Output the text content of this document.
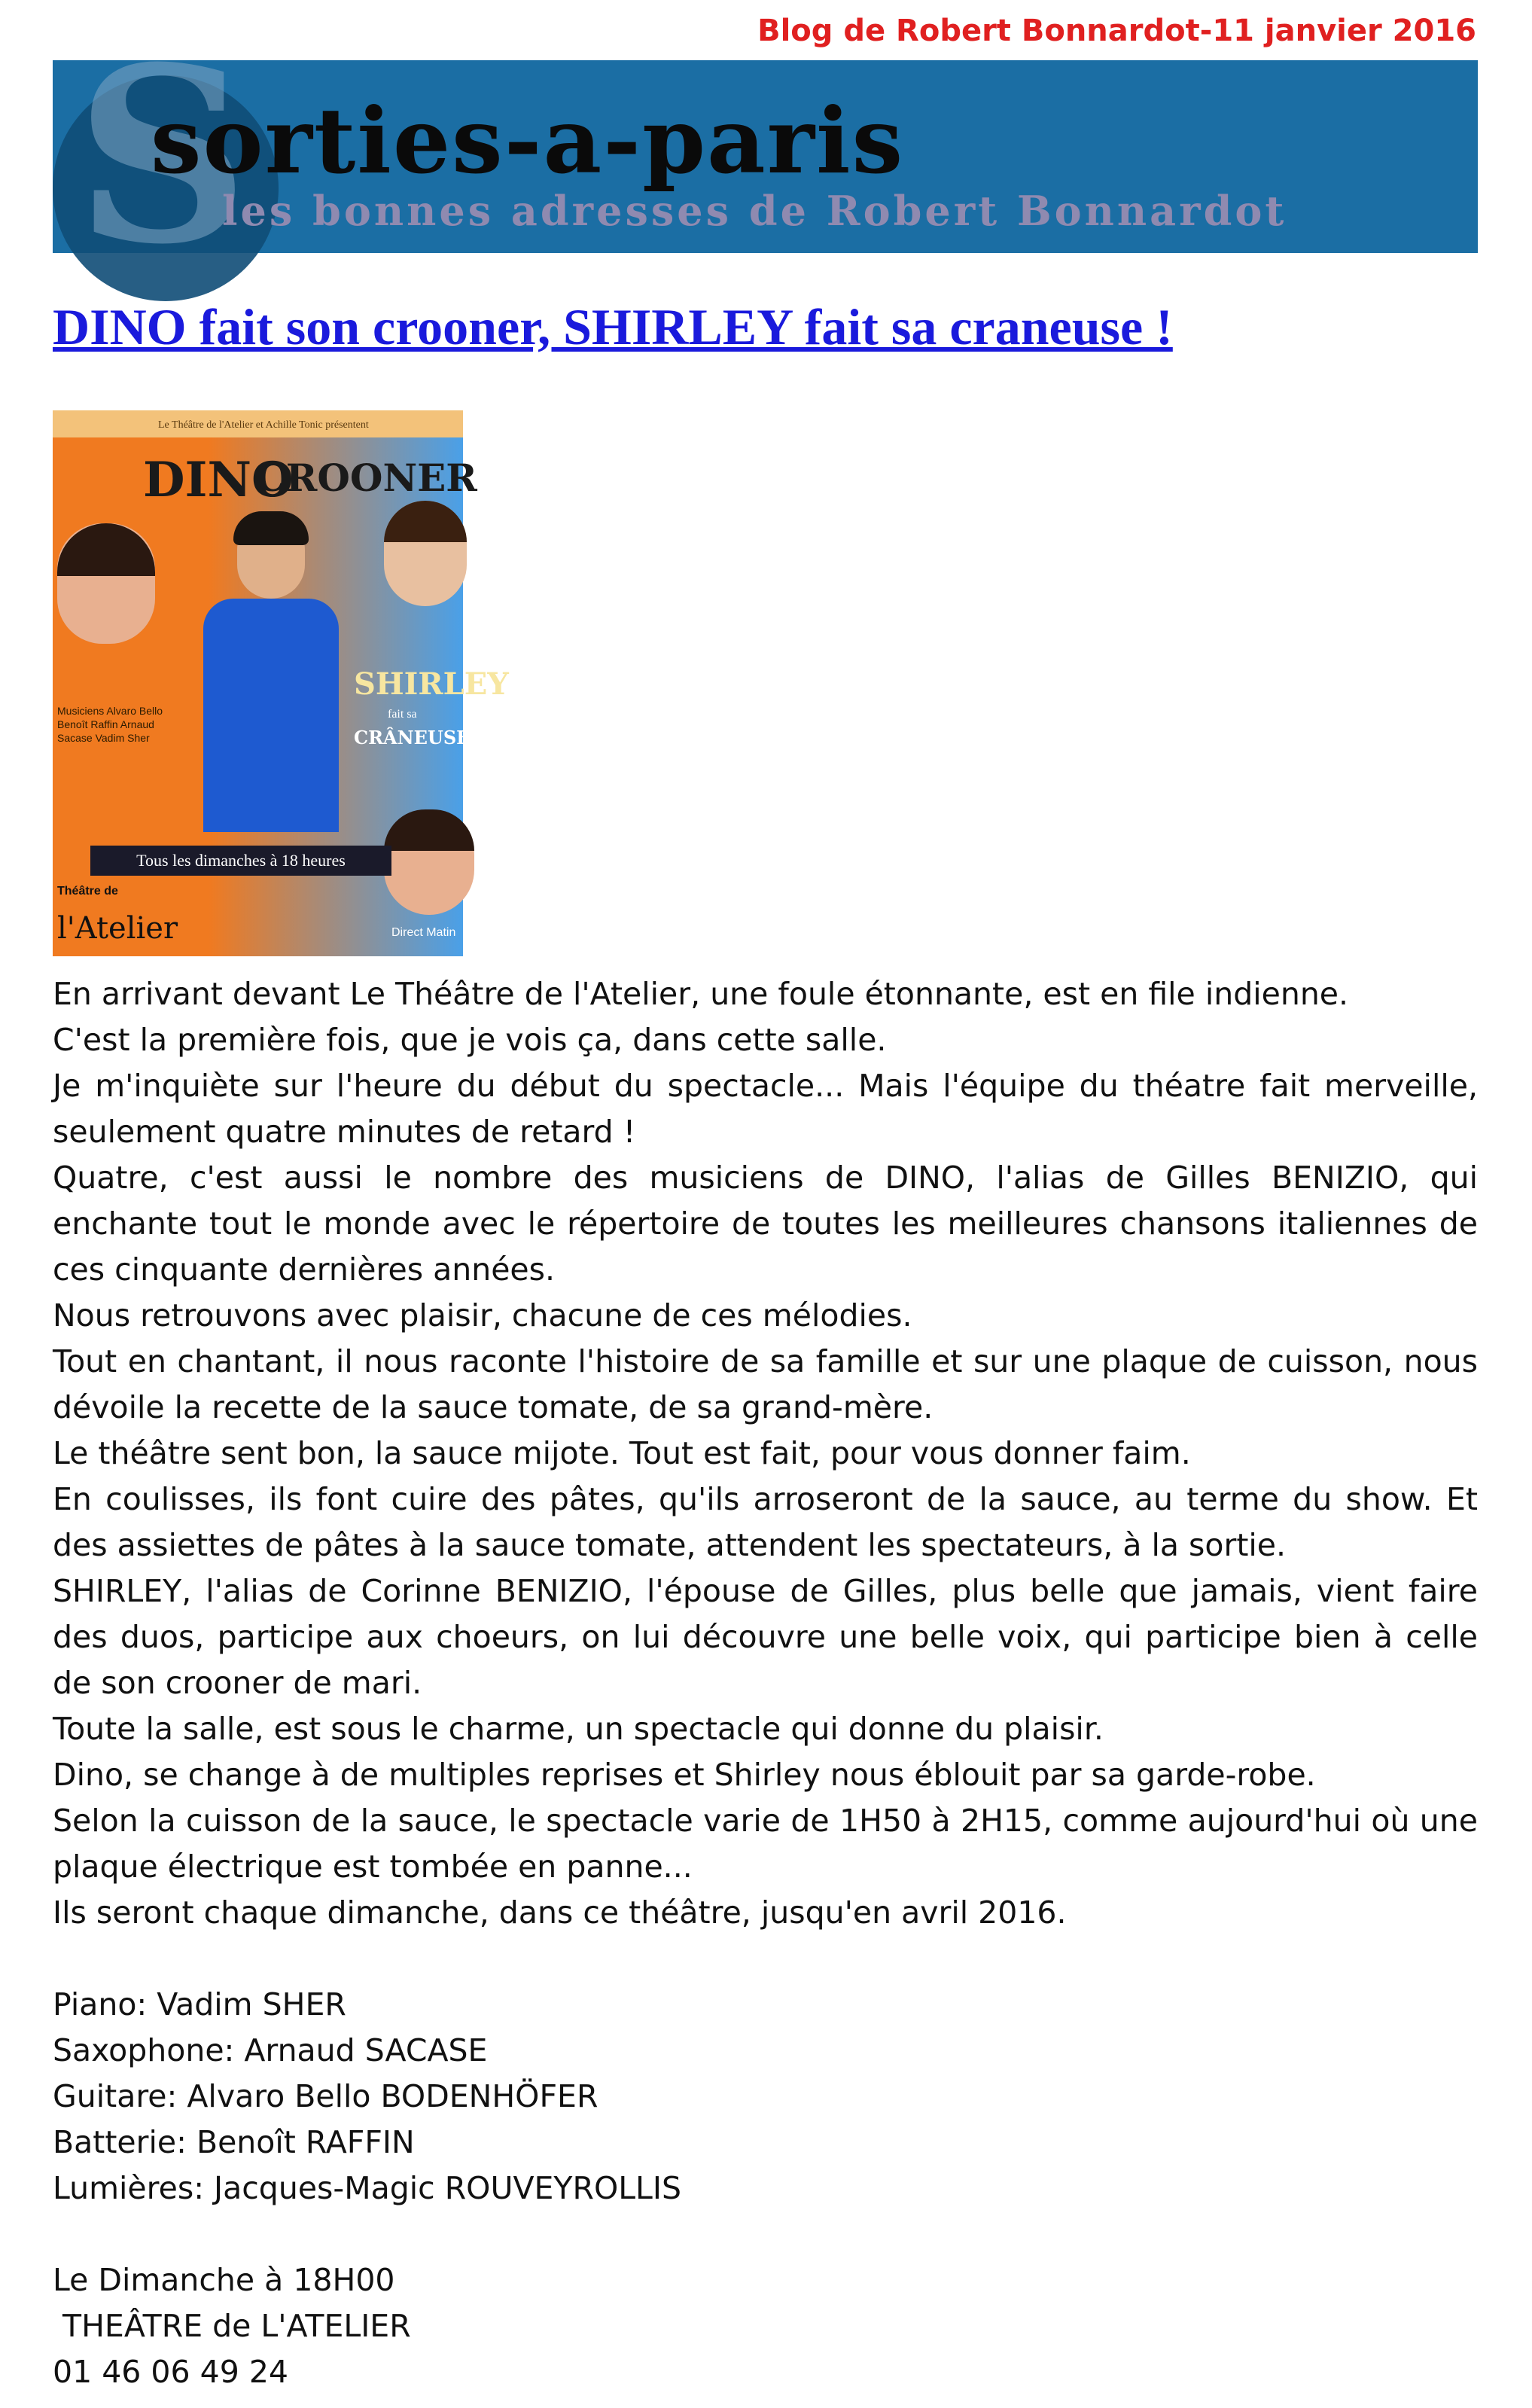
Blog de Robert Bonnardot-11 janvier 2016
S
sorties-a-paris
les bonnes adresses de Robert Bonnardot
DINO fait son crooner, SHIRLEY fait sa craneuse !
Le Théâtre de l'Atelier et Achille Tonic présentent
DINO
CROONER
Musiciens Alvaro Bello Benoît Raffin Arnaud Sacase Vadim Sher
SHIRLEY
fait sa
CRÂNEUSE
Tous les dimanches à 18 heures
Théâtre de
l'Atelier	Direct Matin

En arrivant devant Le Théâtre de l'Atelier, une foule étonnante, est en file indienne.

C'est la première fois, que je vois ça, dans cette salle.

Je m'inquiète sur l'heure du début du spectacle... Mais l'équipe du théatre fait merveille, seulement quatre minutes de retard !

Quatre, c'est aussi le nombre des musiciens de DINO, l'alias de Gilles BENIZIO, qui enchante tout le monde avec le répertoire de toutes les meilleures chansons italiennes de ces cinquante dernières années.

Nous retrouvons avec plaisir, chacune de ces mélodies.

Tout en chantant, il nous raconte l'histoire de sa famille et sur une plaque de cuisson, nous dévoile la recette de la sauce tomate, de sa grand-mère.

Le théâtre sent bon, la sauce mijote. Tout est fait, pour vous donner faim.

En coulisses, ils font cuire des pâtes, qu'ils arroseront de la sauce, au terme du show. Et des assiettes de pâtes à la sauce tomate, attendent les spectateurs, à la sortie.

SHIRLEY, l'alias de Corinne BENIZIO, l'épouse de Gilles, plus belle que jamais, vient faire des duos, participe aux choeurs, on lui découvre une belle voix, qui participe bien à celle de son crooner de mari.

Toute la salle, est sous le charme, un spectacle qui donne du plaisir.

Dino, se change à de multiples reprises et Shirley nous éblouit par sa garde-robe.

Selon la cuisson de la sauce, le spectacle varie de 1H50 à 2H15, comme aujourd'hui où une plaque électrique est tombée en panne...

Ils seront chaque dimanche, dans ce théâtre, jusqu'en avril 2016.

Piano: Vadim SHER

Saxophone: Arnaud SACASE

Guitare: Alvaro Bello BODENHÖFER

Batterie: Benoît RAFFIN

Lumières: Jacques-Magic ROUVEYROLLIS

Le Dimanche à 18H00

THEÂTRE de L'ATELIER

01 46 06 49 24
